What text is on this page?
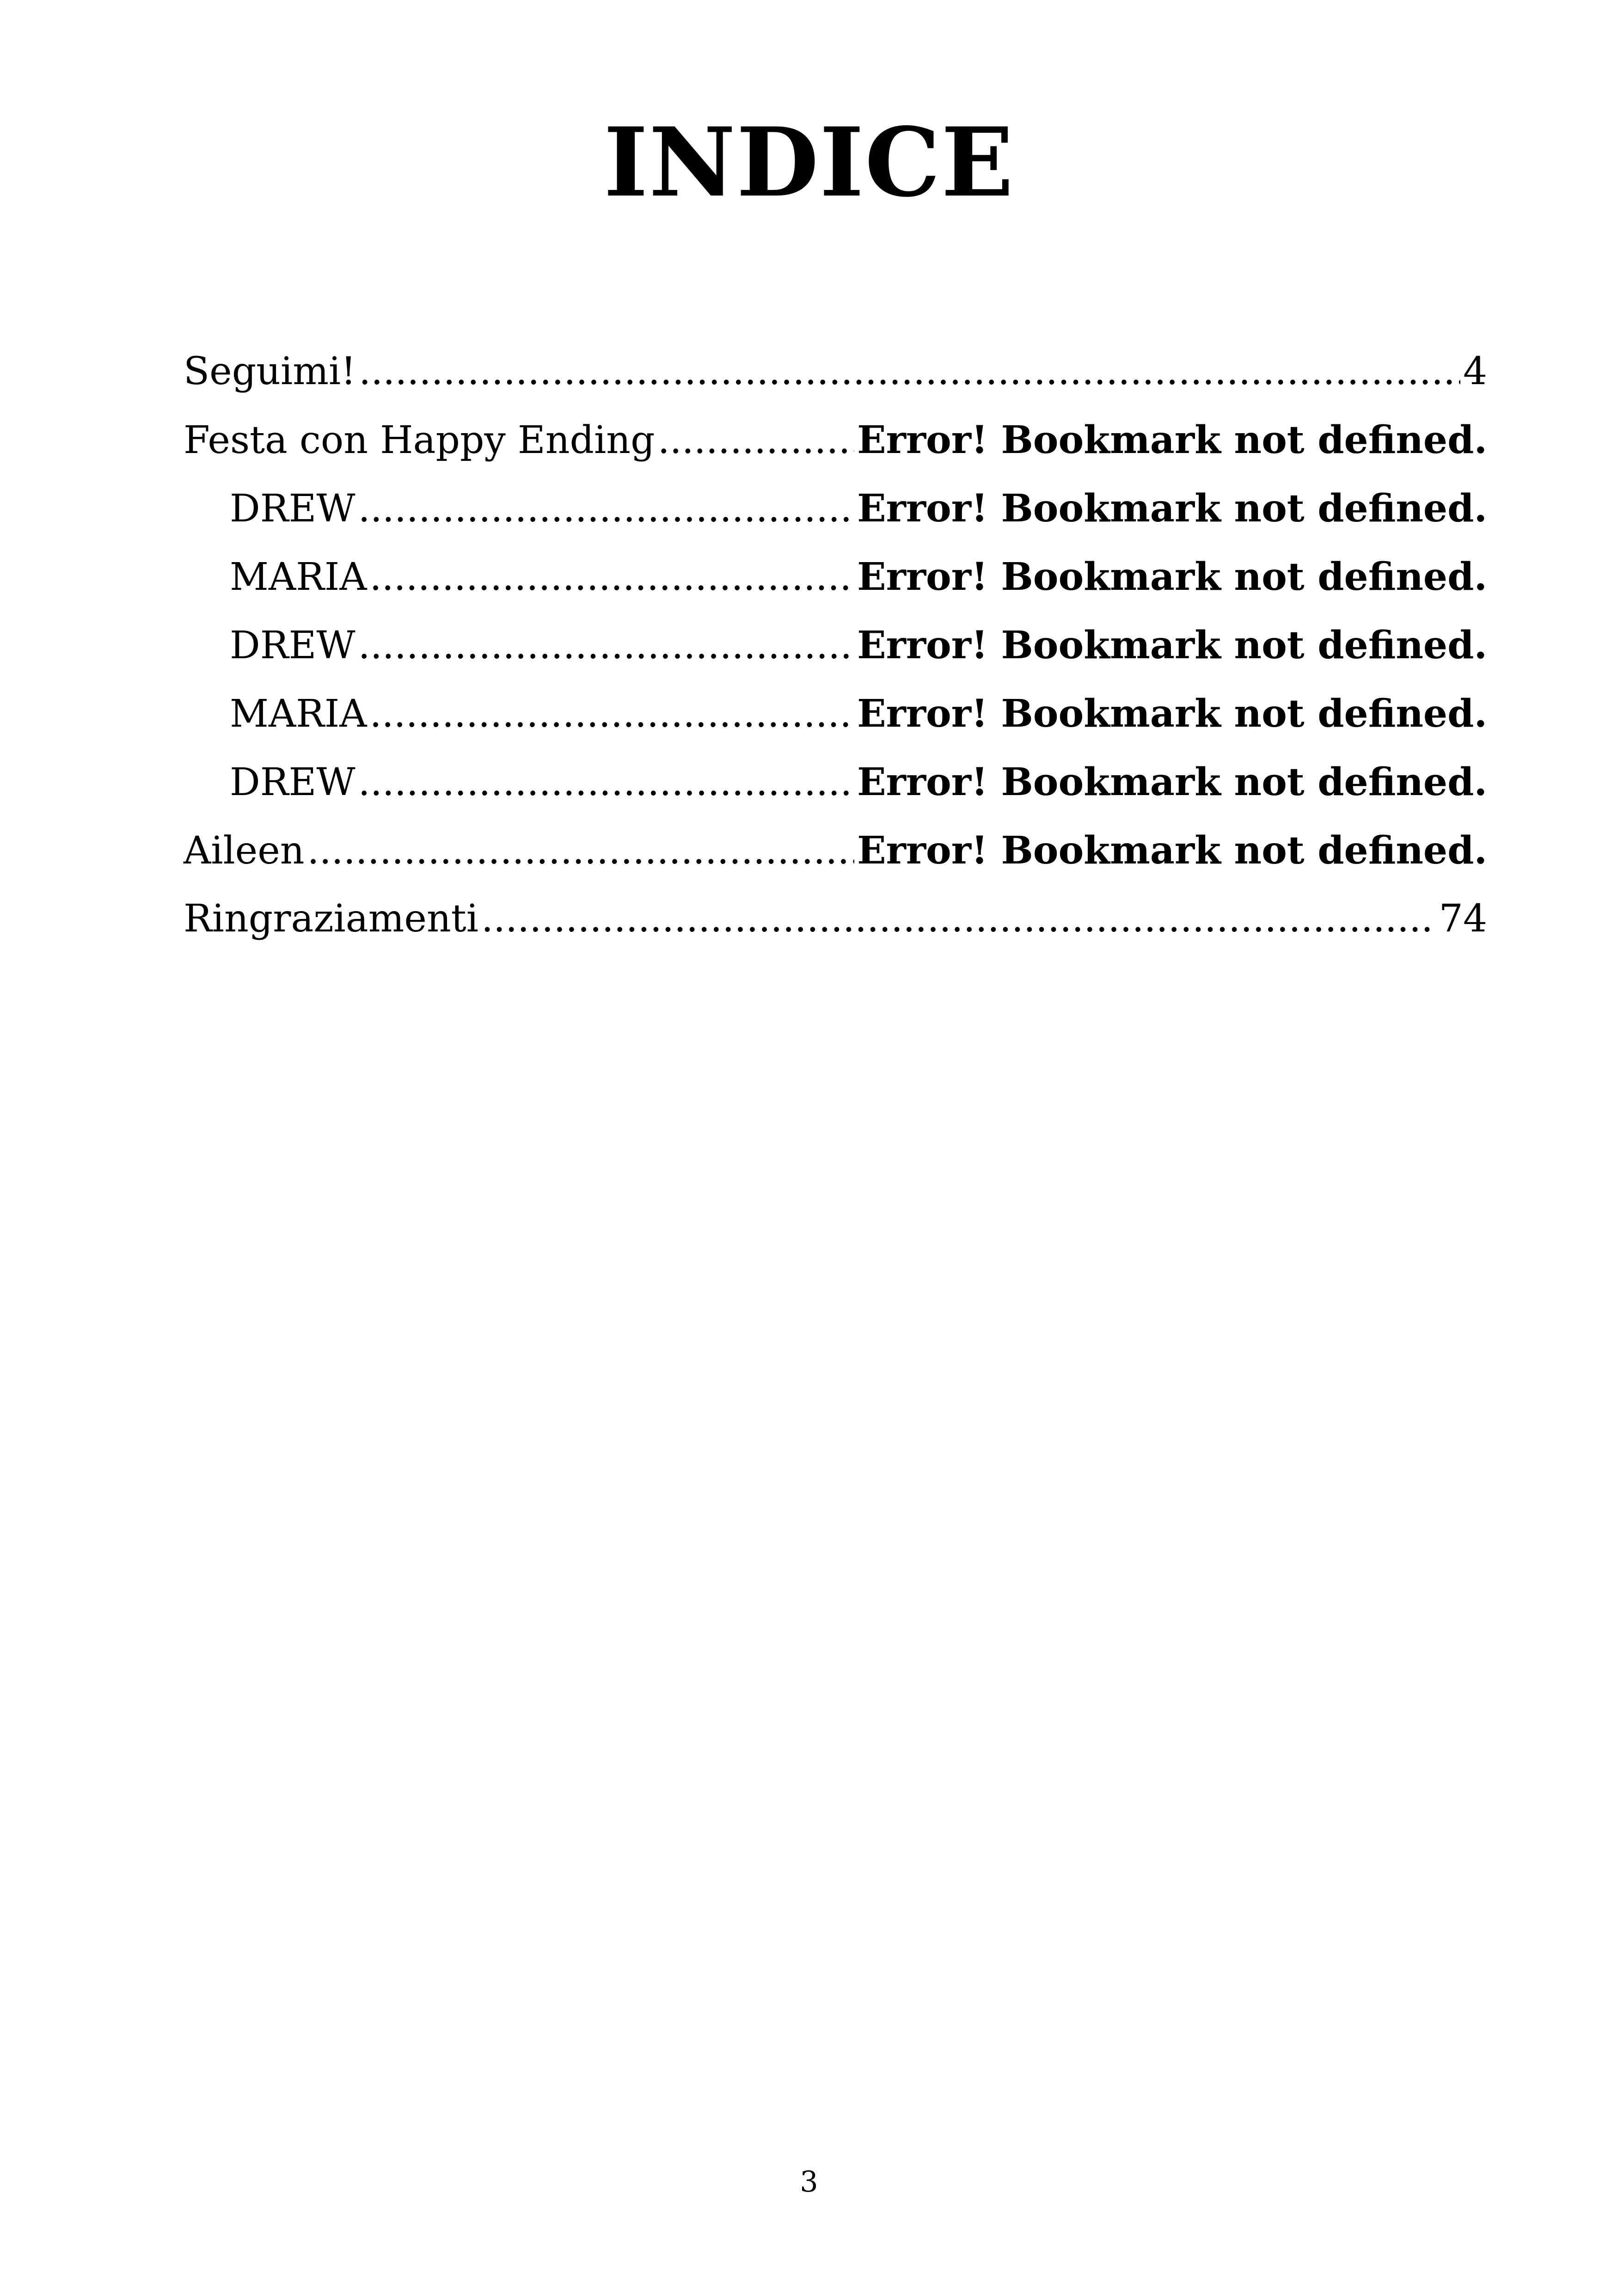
INDICE
Seguimi! .....	4
Festa con Happy Ending .....	Error! Bookmark not defined.
DREW .....	Error! Bookmark not defined.
MARIA .....	Error! Bookmark not defined.
DREW .....	Error! Bookmark not defined.
MARIA .....	Error! Bookmark not defined.
DREW .....	Error! Bookmark not defined.
Aileen .....	Error! Bookmark not defined.
Ringraziamenti .....	74
3
